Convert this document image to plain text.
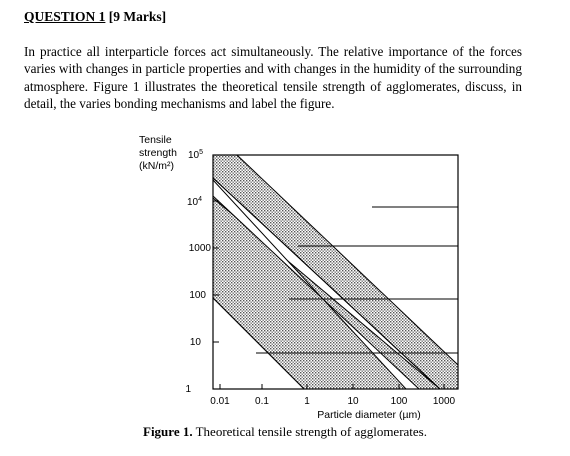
QUESTION 1 [9 Marks]
In practice all interparticle forces act simultaneously. The relative importance of the forces varies with changes in particle properties and with changes in the humidity of the surrounding atmosphere. Figure 1 illustrates the theoretical tensile strength of agglomerates, discuss, in detail, the varies bonding mechanisms and label the figure.
1
10
100
1000
$10^4$
$10^5$
0.01	0.1	1	10	100	1000
Tensile
strength
(kN/m²)
Particle diameter (µm)
Figure 1. Theoretical tensile strength of agglomerates.
